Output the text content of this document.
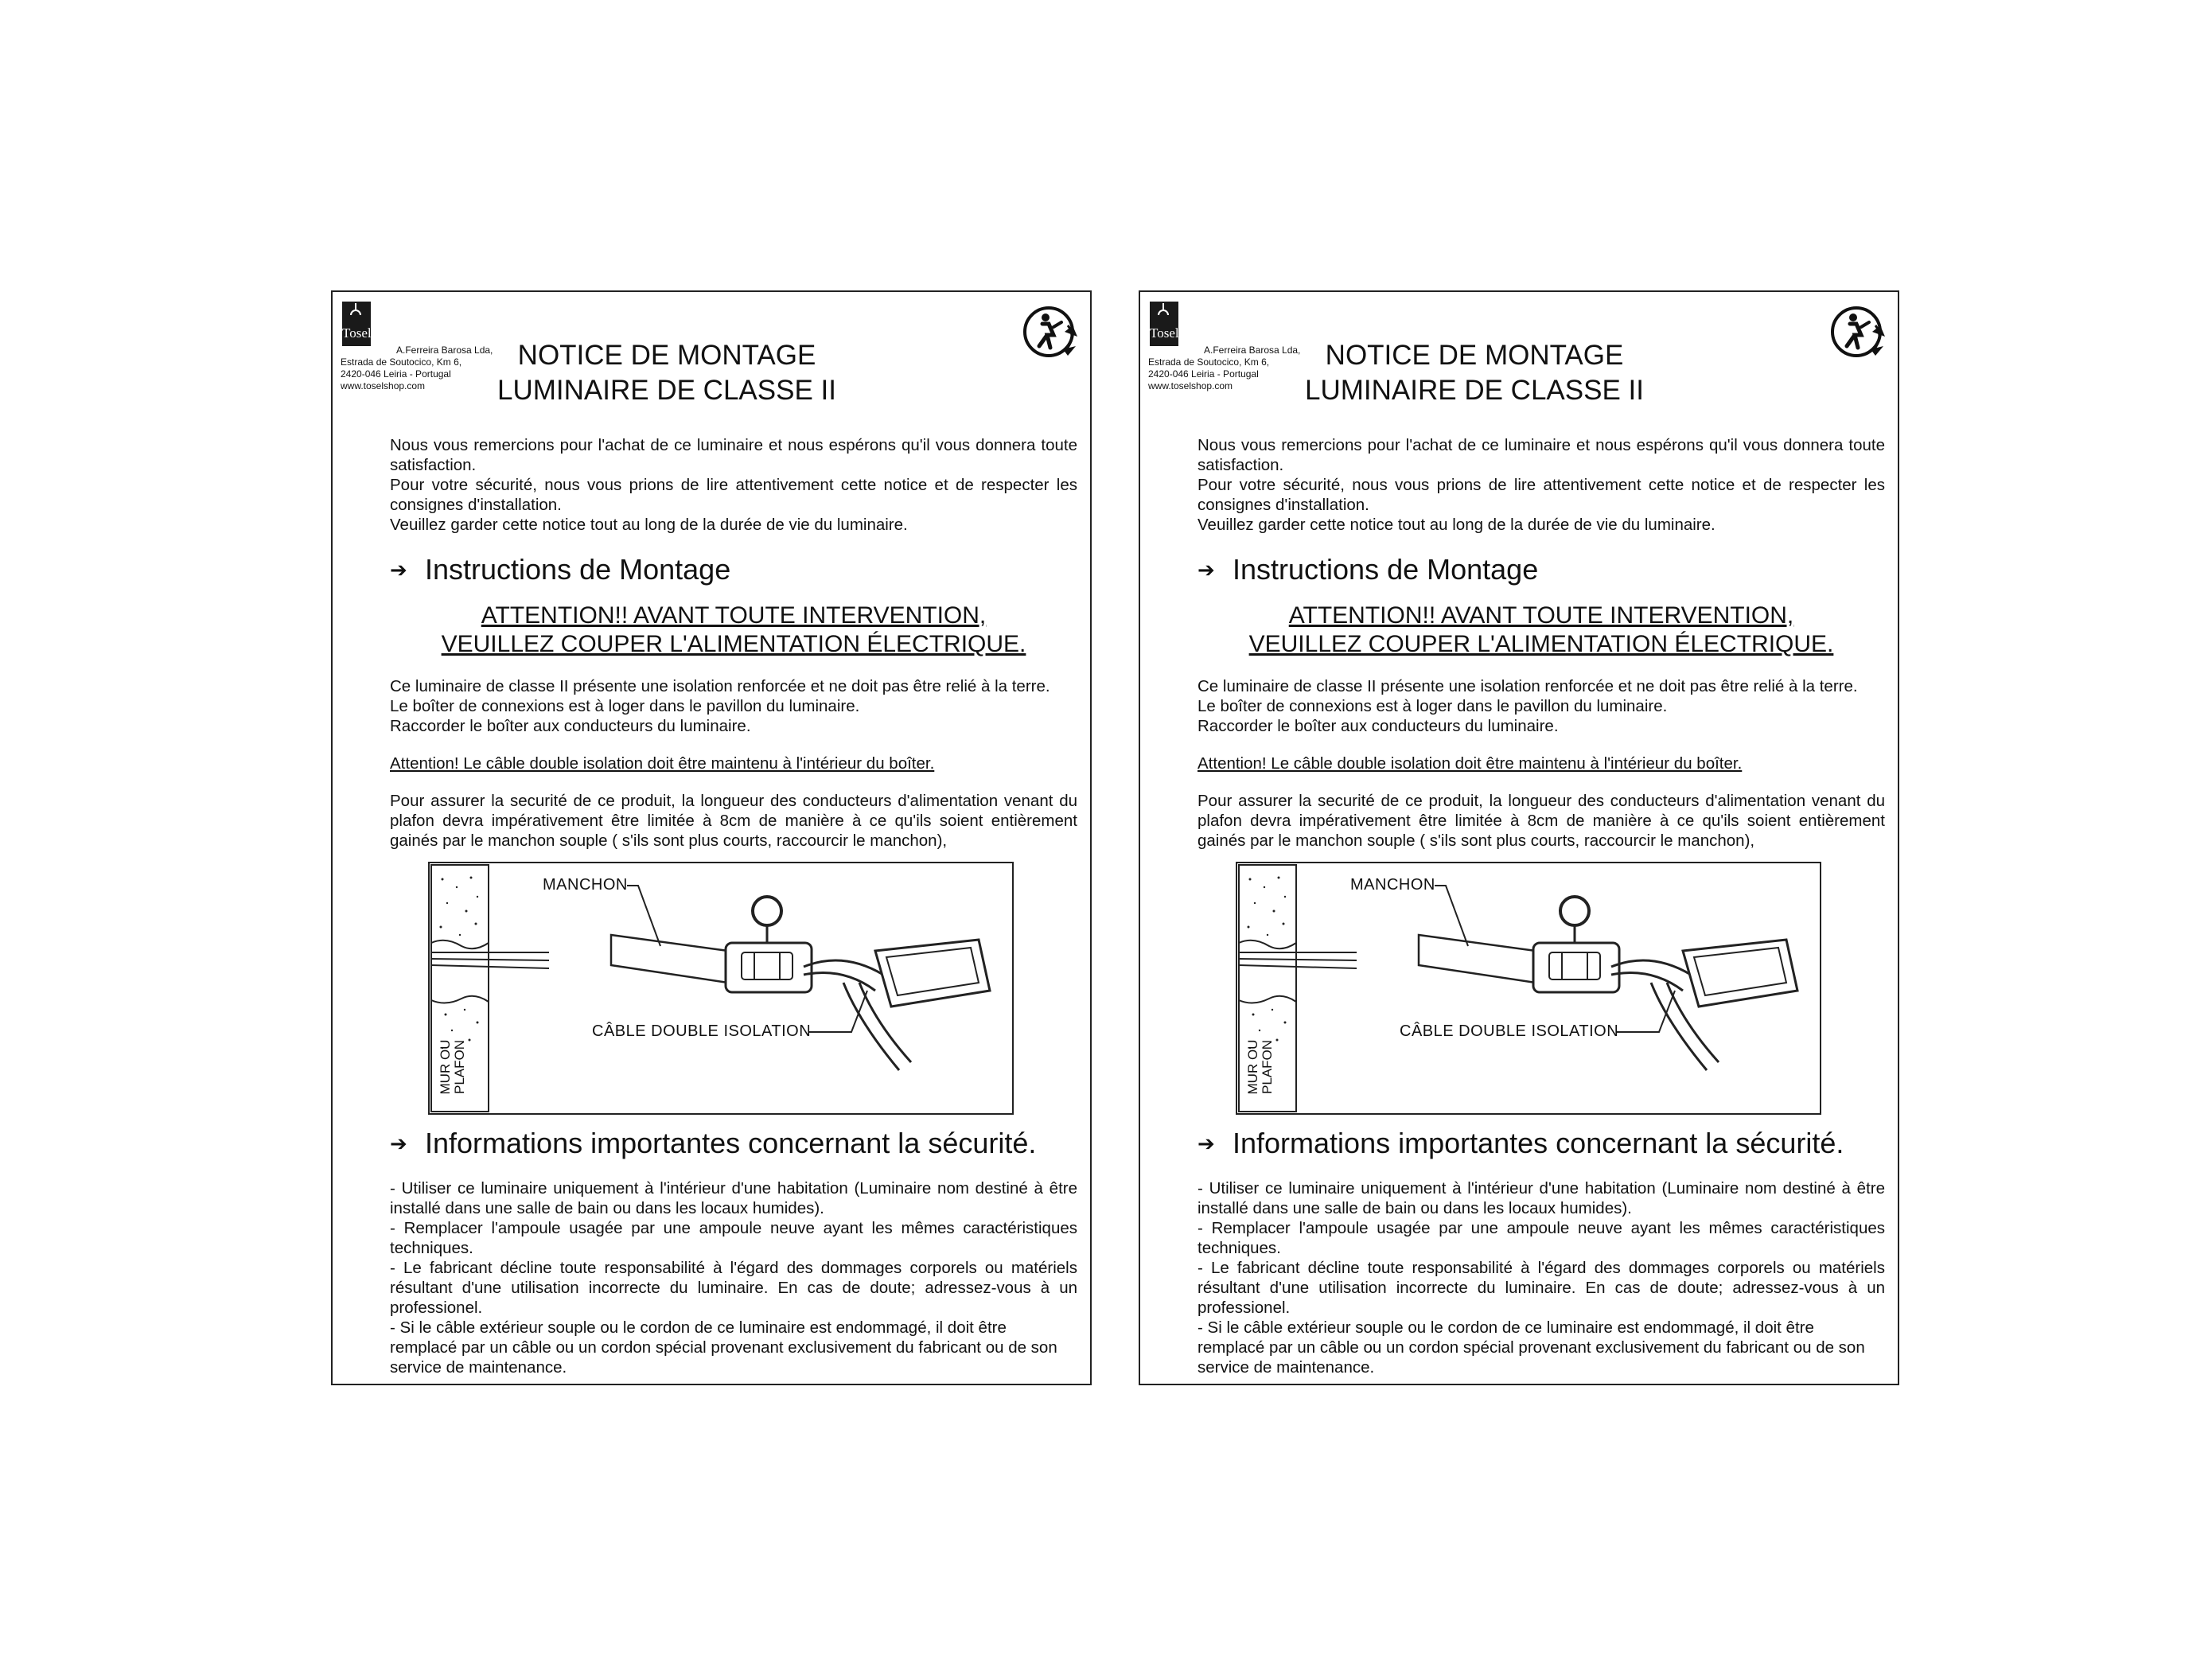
Tosel
A.Ferreira Barosa Lda,
Estrada de Soutocico, Km 6,
2420-046 Leiria - Portugal
www.toselshop.com
NOTICE DE MONTAGE
LUMINAIRE DE CLASSE II

Nous vous remercions pour l'achat de ce luminaire et nous espérons qu'il vous donnera toute satisfaction.

Pour votre sécurité, nous vous prions de lire attentivement cette notice et de respecter les consignes d'installation.

Veuillez garder cette notice tout au long de la durée de vie du luminaire.

➔ Instructions de Montage
ATTENTION!! AVANT TOUTE INTERVENTION,
VEUILLEZ COUPER L'ALIMENTATION ÉLECTRIQUE.

Ce luminaire de classe II présente une isolation renforcée et ne doit pas être relié à la terre.

Le boîter de connexions est à loger dans le pavillon du luminaire.

Raccorder le boîter aux conducteurs du luminaire.

Attention! Le câble double isolation doit être maintenu à l'intérieur du boîter.

Pour assurer la securité de ce produit, la longueur des conducteurs d'alimentation venant du plafon devra impérativement être limitée à 8cm de manière à ce qu'ils soient entièrement gainés par le manchon souple ( s'ils sont plus courts, raccourcir le manchon),

MANCHON
CÂBLE DOUBLE ISOLATION
MUR OU PLAFON
➔ Informations importantes concernant la sécurité.

- Utiliser ce luminaire uniquement à l'intérieur d'une habitation (Luminaire nom destiné à être installé dans une salle de bain ou dans les locaux humides).

- Remplacer l'ampoule usagée par une ampoule neuve ayant les mêmes caractéristiques techniques.

- Le fabricant décline toute responsabilité à l'égard des dommages corporels ou matériels résultant d'une utilisation incorrecte du luminaire. En cas de doute; adressez-vous à un professionel.

- Si le câble extérieur souple ou le cordon de ce luminaire est endommagé, il doit être remplacé par un câble ou un cordon spécial provenant exclusivement du fabricant ou de son service de maintenance.

Tosel
A.Ferreira Barosa Lda,
Estrada de Soutocico, Km 6,
2420-046 Leiria - Portugal
www.toselshop.com
NOTICE DE MONTAGE
LUMINAIRE DE CLASSE II

Nous vous remercions pour l'achat de ce luminaire et nous espérons qu'il vous donnera toute satisfaction.

Pour votre sécurité, nous vous prions de lire attentivement cette notice et de respecter les consignes d'installation.

Veuillez garder cette notice tout au long de la durée de vie du luminaire.

➔ Instructions de Montage
ATTENTION!! AVANT TOUTE INTERVENTION,
VEUILLEZ COUPER L'ALIMENTATION ÉLECTRIQUE.

Ce luminaire de classe II présente une isolation renforcée et ne doit pas être relié à la terre.

Le boîter de connexions est à loger dans le pavillon du luminaire.

Raccorder le boîter aux conducteurs du luminaire.

Attention! Le câble double isolation doit être maintenu à l'intérieur du boîter.

Pour assurer la securité de ce produit, la longueur des conducteurs d'alimentation venant du plafon devra impérativement être limitée à 8cm de manière à ce qu'ils soient entièrement gainés par le manchon souple ( s'ils sont plus courts, raccourcir le manchon),

MANCHON
CÂBLE DOUBLE ISOLATION
MUR OU PLAFON
➔ Informations importantes concernant la sécurité.

- Utiliser ce luminaire uniquement à l'intérieur d'une habitation (Luminaire nom destiné à être installé dans une salle de bain ou dans les locaux humides).

- Remplacer l'ampoule usagée par une ampoule neuve ayant les mêmes caractéristiques techniques.

- Le fabricant décline toute responsabilité à l'égard des dommages corporels ou matériels résultant d'une utilisation incorrecte du luminaire. En cas de doute; adressez-vous à un professionel.

- Si le câble extérieur souple ou le cordon de ce luminaire est endommagé, il doit être remplacé par un câble ou un cordon spécial provenant exclusivement du fabricant ou de son service de maintenance.
